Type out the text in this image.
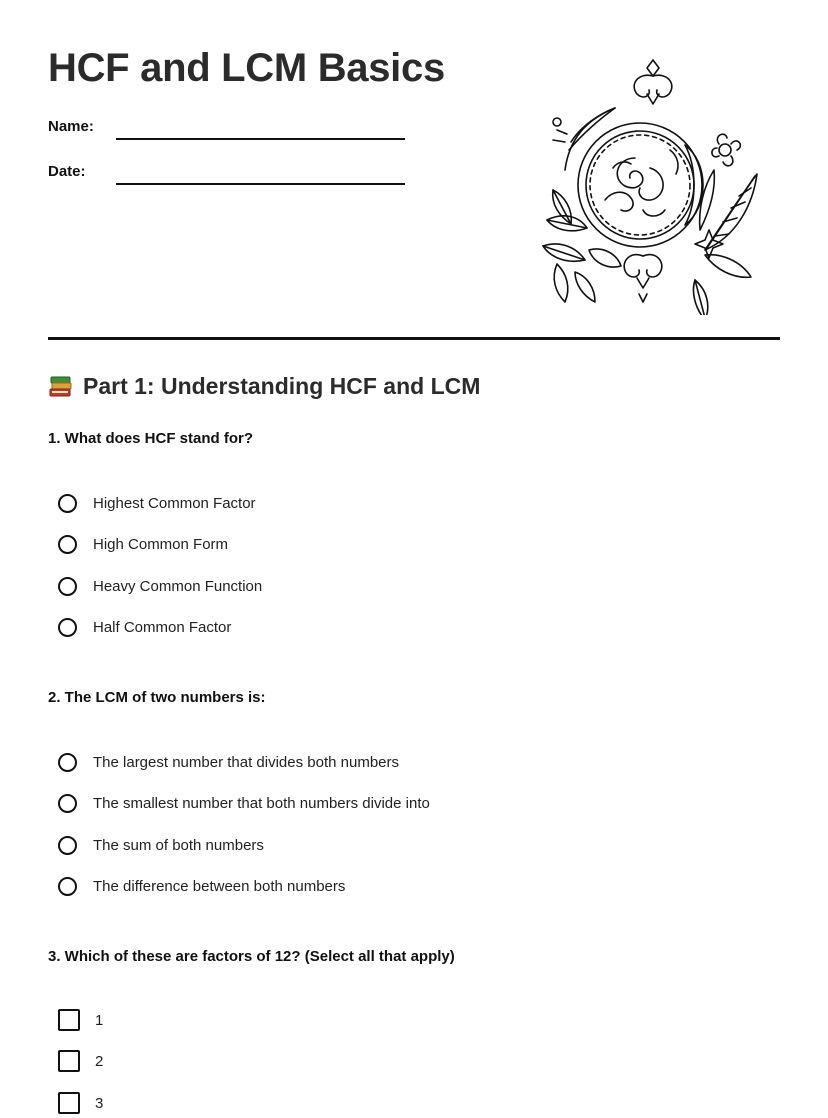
HCF and LCM Basics
Name:
Date:
Part 1: Understanding HCF and LCM
1. What does HCF stand for?
Highest Common Factor
High Common Form
Heavy Common Function
Half Common Factor
2. The LCM of two numbers is:
The largest number that divides both numbers
The smallest number that both numbers divide into
The sum of both numbers
The difference between both numbers
3. Which of these are factors of 12? (Select all that apply)
1
2
3
